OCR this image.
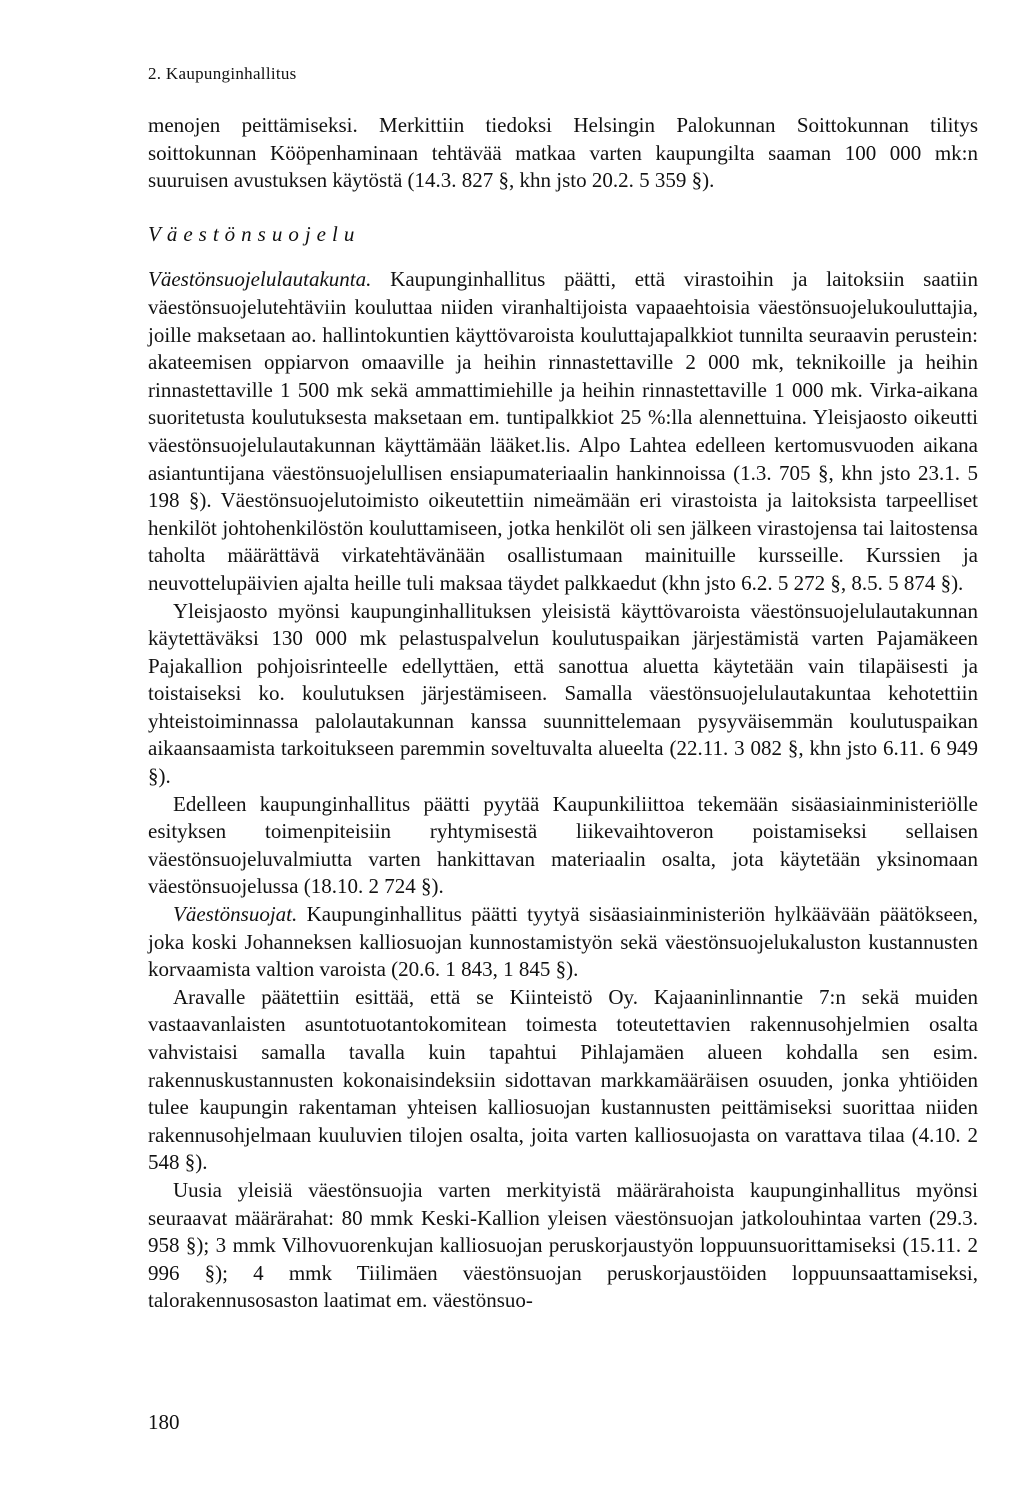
2. Kaupunginhallitus

menojen peittämiseksi. Merkittiin tiedoksi Helsingin Palokunnan Soittokunnan tilitys soittokunnan Kööpenhaminaan tehtävää matkaa varten kaupungilta saaman 100 000 mk:n suuruisen avustuksen käytöstä (14.3. 827 §, khn jsto 20.2. 5 359 §).

Väestönsuojelu

Väestönsuojelulautakunta. Kaupunginhallitus päätti, että virastoihin ja laitoksiin saatiin väestönsuojelutehtäviin kouluttaa niiden viranhaltijoista vapaaehtoisia väestönsuojelukouluttajia, joille maksetaan ao. hallintokuntien käyttövaroista kouluttajapalkkiot tunnilta seuraavin perustein: akateemisen oppiarvon omaaville ja heihin rinnastettaville 2 000 mk, teknikoille ja heihin rinnastettaville 1 500 mk sekä ammattimiehille ja heihin rinnastettaville 1 000 mk. Virka-aikana suoritetusta koulutuksesta maksetaan em. tuntipalkkiot 25 %:lla alennettuina. Yleisjaosto oikeutti väestönsuojelulautakunnan käyttämään lääket.lis. Alpo Lahtea edelleen kertomusvuoden aikana asiantuntijana väestönsuojelullisen ensiapumateriaalin hankinnoissa (1.3. 705 §, khn jsto 23.1. 5 198 §). Väestönsuojelutoimisto oikeutettiin nimeämään eri virastoista ja laitoksista tarpeelliset henkilöt johtohenkilöstön kouluttamiseen, jotka henkilöt oli sen jälkeen virastojensa tai laitostensa taholta määrättävä virkatehtävänään osallistumaan mainituille kursseille. Kurssien ja neuvottelupäivien ajalta heille tuli maksaa täydet palkkaedut (khn jsto 6.2. 5 272 §, 8.5. 5 874 §).

Yleisjaosto myönsi kaupunginhallituksen yleisistä käyttövaroista väestönsuojelulautakunnan käytettäväksi 130 000 mk pelastuspalvelun koulutuspaikan järjestämistä varten Pajamäkeen Pajakallion pohjoisrinteelle edellyttäen, että sanottua aluetta käytetään vain tilapäisesti ja toistaiseksi ko. koulutuksen järjestämiseen. Samalla väestönsuojelulautakuntaa kehotettiin yhteistoiminnassa palolautakunnan kanssa suunnittelemaan pysyväisemmän koulutuspaikan aikaansaamista tarkoitukseen paremmin soveltuvalta alueelta (22.11. 3 082 §, khn jsto 6.11. 6 949 §).

Edelleen kaupunginhallitus päätti pyytää Kaupunkiliittoa tekemään sisäasiainministeriölle esityksen toimenpiteisiin ryhtymisestä liikevaihtoveron poistamiseksi sellaisen väestönsuojeluvalmiutta varten hankittavan materiaalin osalta, jota käytetään yksinomaan väestönsuojelussa (18.10. 2 724 §).

Väestönsuojat. Kaupunginhallitus päätti tyytyä sisäasiainministeriön hylkäävään päätökseen, joka koski Johanneksen kalliosuojan kunnostamistyön sekä väestönsuojelukaluston kustannusten korvaamista valtion varoista (20.6. 1 843, 1 845 §).

Aravalle päätettiin esittää, että se Kiinteistö Oy. Kajaaninlinnantie 7:n sekä muiden vastaavanlaisten asuntotuotantokomitean toimesta toteutettavien rakennusohjelmien osalta vahvistaisi samalla tavalla kuin tapahtui Pihlajamäen alueen kohdalla sen esim. rakennuskustannusten kokonaisindeksiin sidottavan markkamääräisen osuuden, jonka yhtiöiden tulee kaupungin rakentaman yhteisen kalliosuojan kustannusten peittämiseksi suorittaa niiden rakennusohjelmaan kuuluvien tilojen osalta, joita varten kalliosuojasta on varattava tilaa (4.10. 2 548 §).

Uusia yleisiä väestönsuojia varten merkityistä määrärahoista kaupunginhallitus myönsi seuraavat määrärahat: 80 mmk Keski-Kallion yleisen väestönsuojan jatkolouhintaa varten (29.3. 958 §); 3 mmk Vilhovuorenkujan kalliosuojan peruskorjaustyön loppuunsuorittamiseksi (15.11. 2 996 §); 4 mmk Tiilimäen väestönsuojan peruskorjaustöiden loppuunsaattamiseksi, talorakennusosaston laatimat em. väestönsuo-

180
